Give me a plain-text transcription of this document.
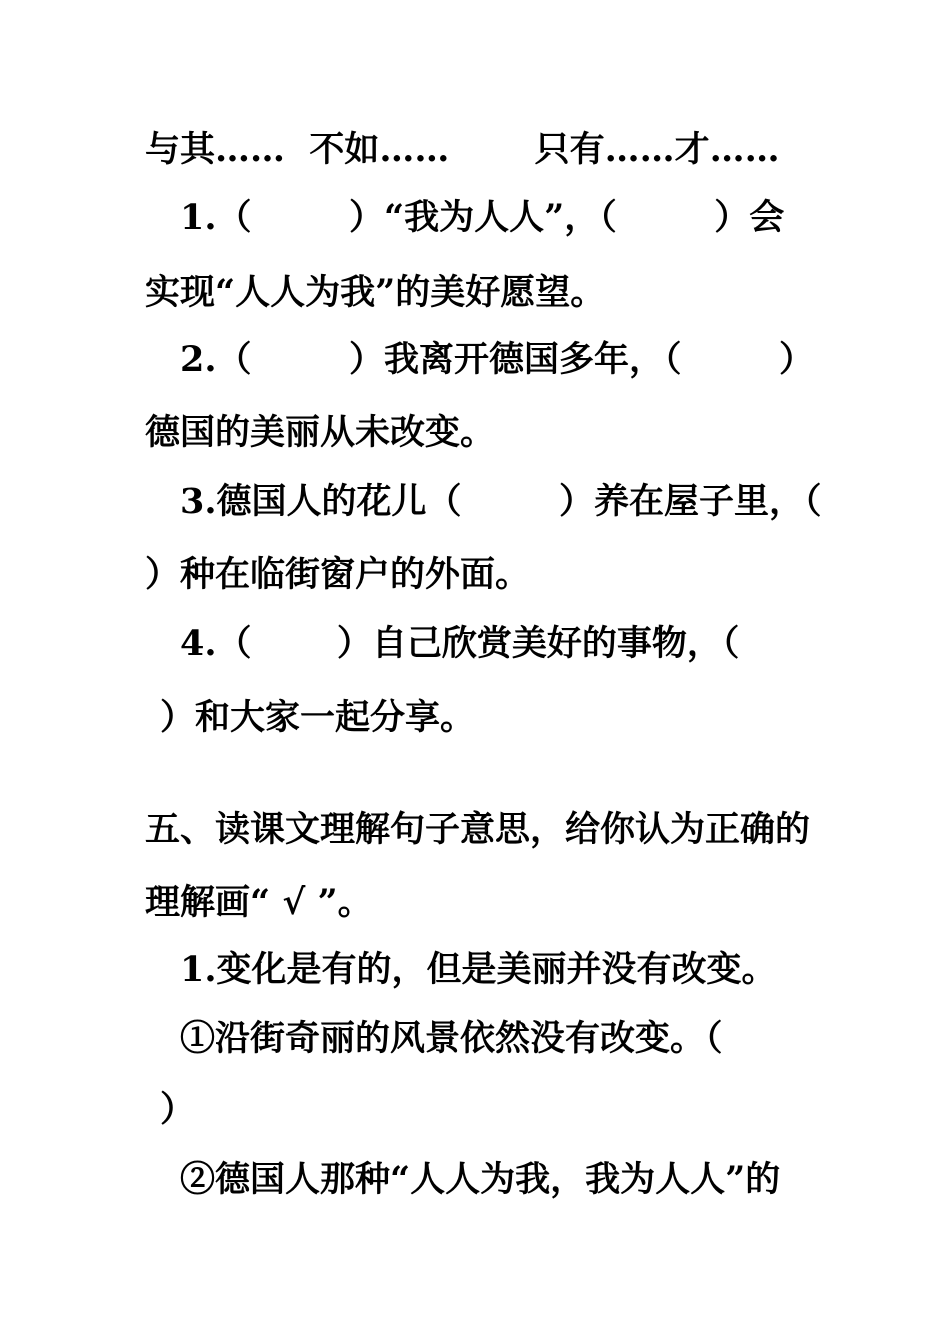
与其……  不如……       只有……才……
1.（        ）“我为人人”，（        ）会
实现“人人为我”的美好愿望。
2.（        ）我离开德国多年，（        ）
德国的美丽从未改变。
3.德国人的花儿（        ）养在屋子里，（
）种在临街窗户的外面。
4.（       ）自己欣赏美好的事物，（
）和大家一起分享。
五、读课文理解句子意思，给你认为正确的
理解画“ √ ”。
1.变化是有的，但是美丽并没有改变。
①沿街奇丽的风景依然没有改变。（
）
②德国人那种“人人为我，我为人人”的
